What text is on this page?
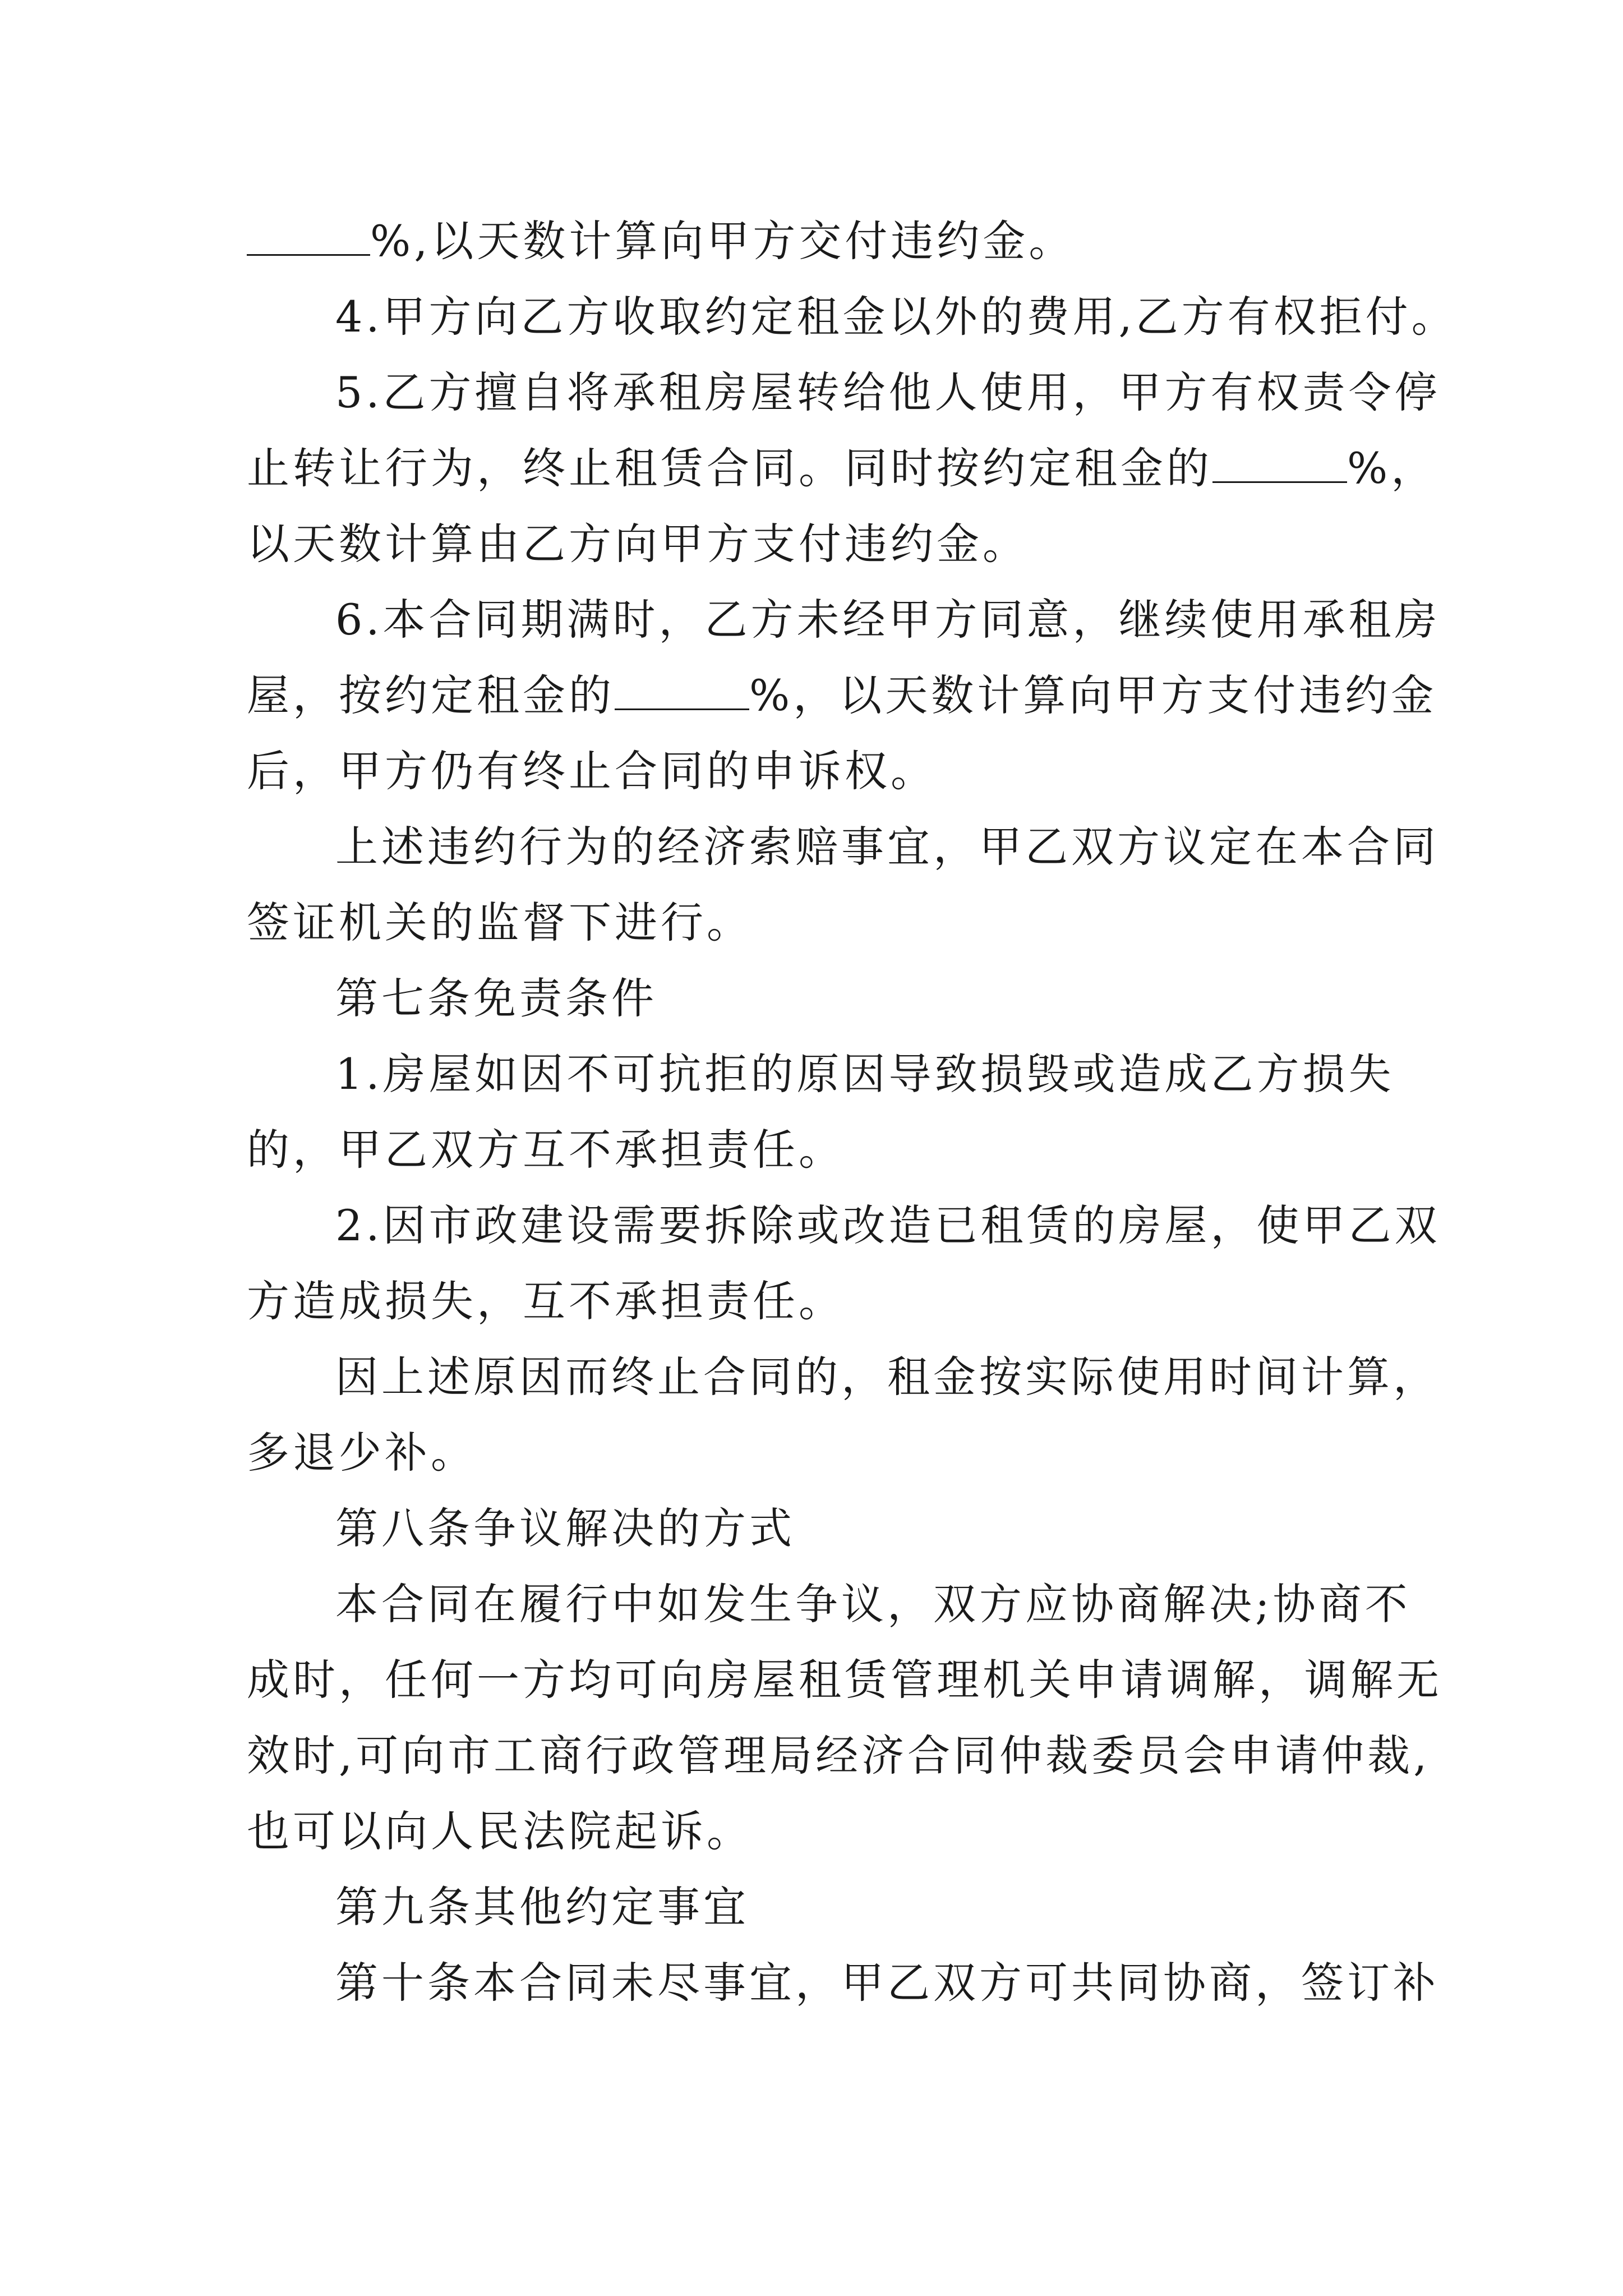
%,以天数计算向甲方交付违约金。
4.甲方向乙方收取约定租金以外的费用,乙方有权拒付。
5.乙方擅自将承租房屋转给他人使用，甲方有权责令停
止转让行为，终止租赁合同。同时按约定租金的	%，
以天数计算由乙方向甲方支付违约金。
6.本合同期满时，乙方未经甲方同意，继续使用承租房
屋，按约定租金的	%，以天数计算向甲方支付违约金
后，甲方仍有终止合同的申诉权。
上述违约行为的经济索赔事宜，甲乙双方议定在本合同
签证机关的监督下进行。
第七条免责条件
1.房屋如因不可抗拒的原因导致损毁或造成乙方损失
的，甲乙双方互不承担责任。
2.因市政建设需要拆除或改造已租赁的房屋，使甲乙双
方造成损失，互不承担责任。
因上述原因而终止合同的，租金按实际使用时间计算，
多退少补。
第八条争议解决的方式
本合同在履行中如发生争议，双方应协商解决;协商不
成时，任何一方均可向房屋租赁管理机关申请调解，调解无
效时,可向市工商行政管理局经济合同仲裁委员会申请仲裁,
也可以向人民法院起诉。
第九条其他约定事宜
第十条本合同未尽事宜，甲乙双方可共同协商，签订补
